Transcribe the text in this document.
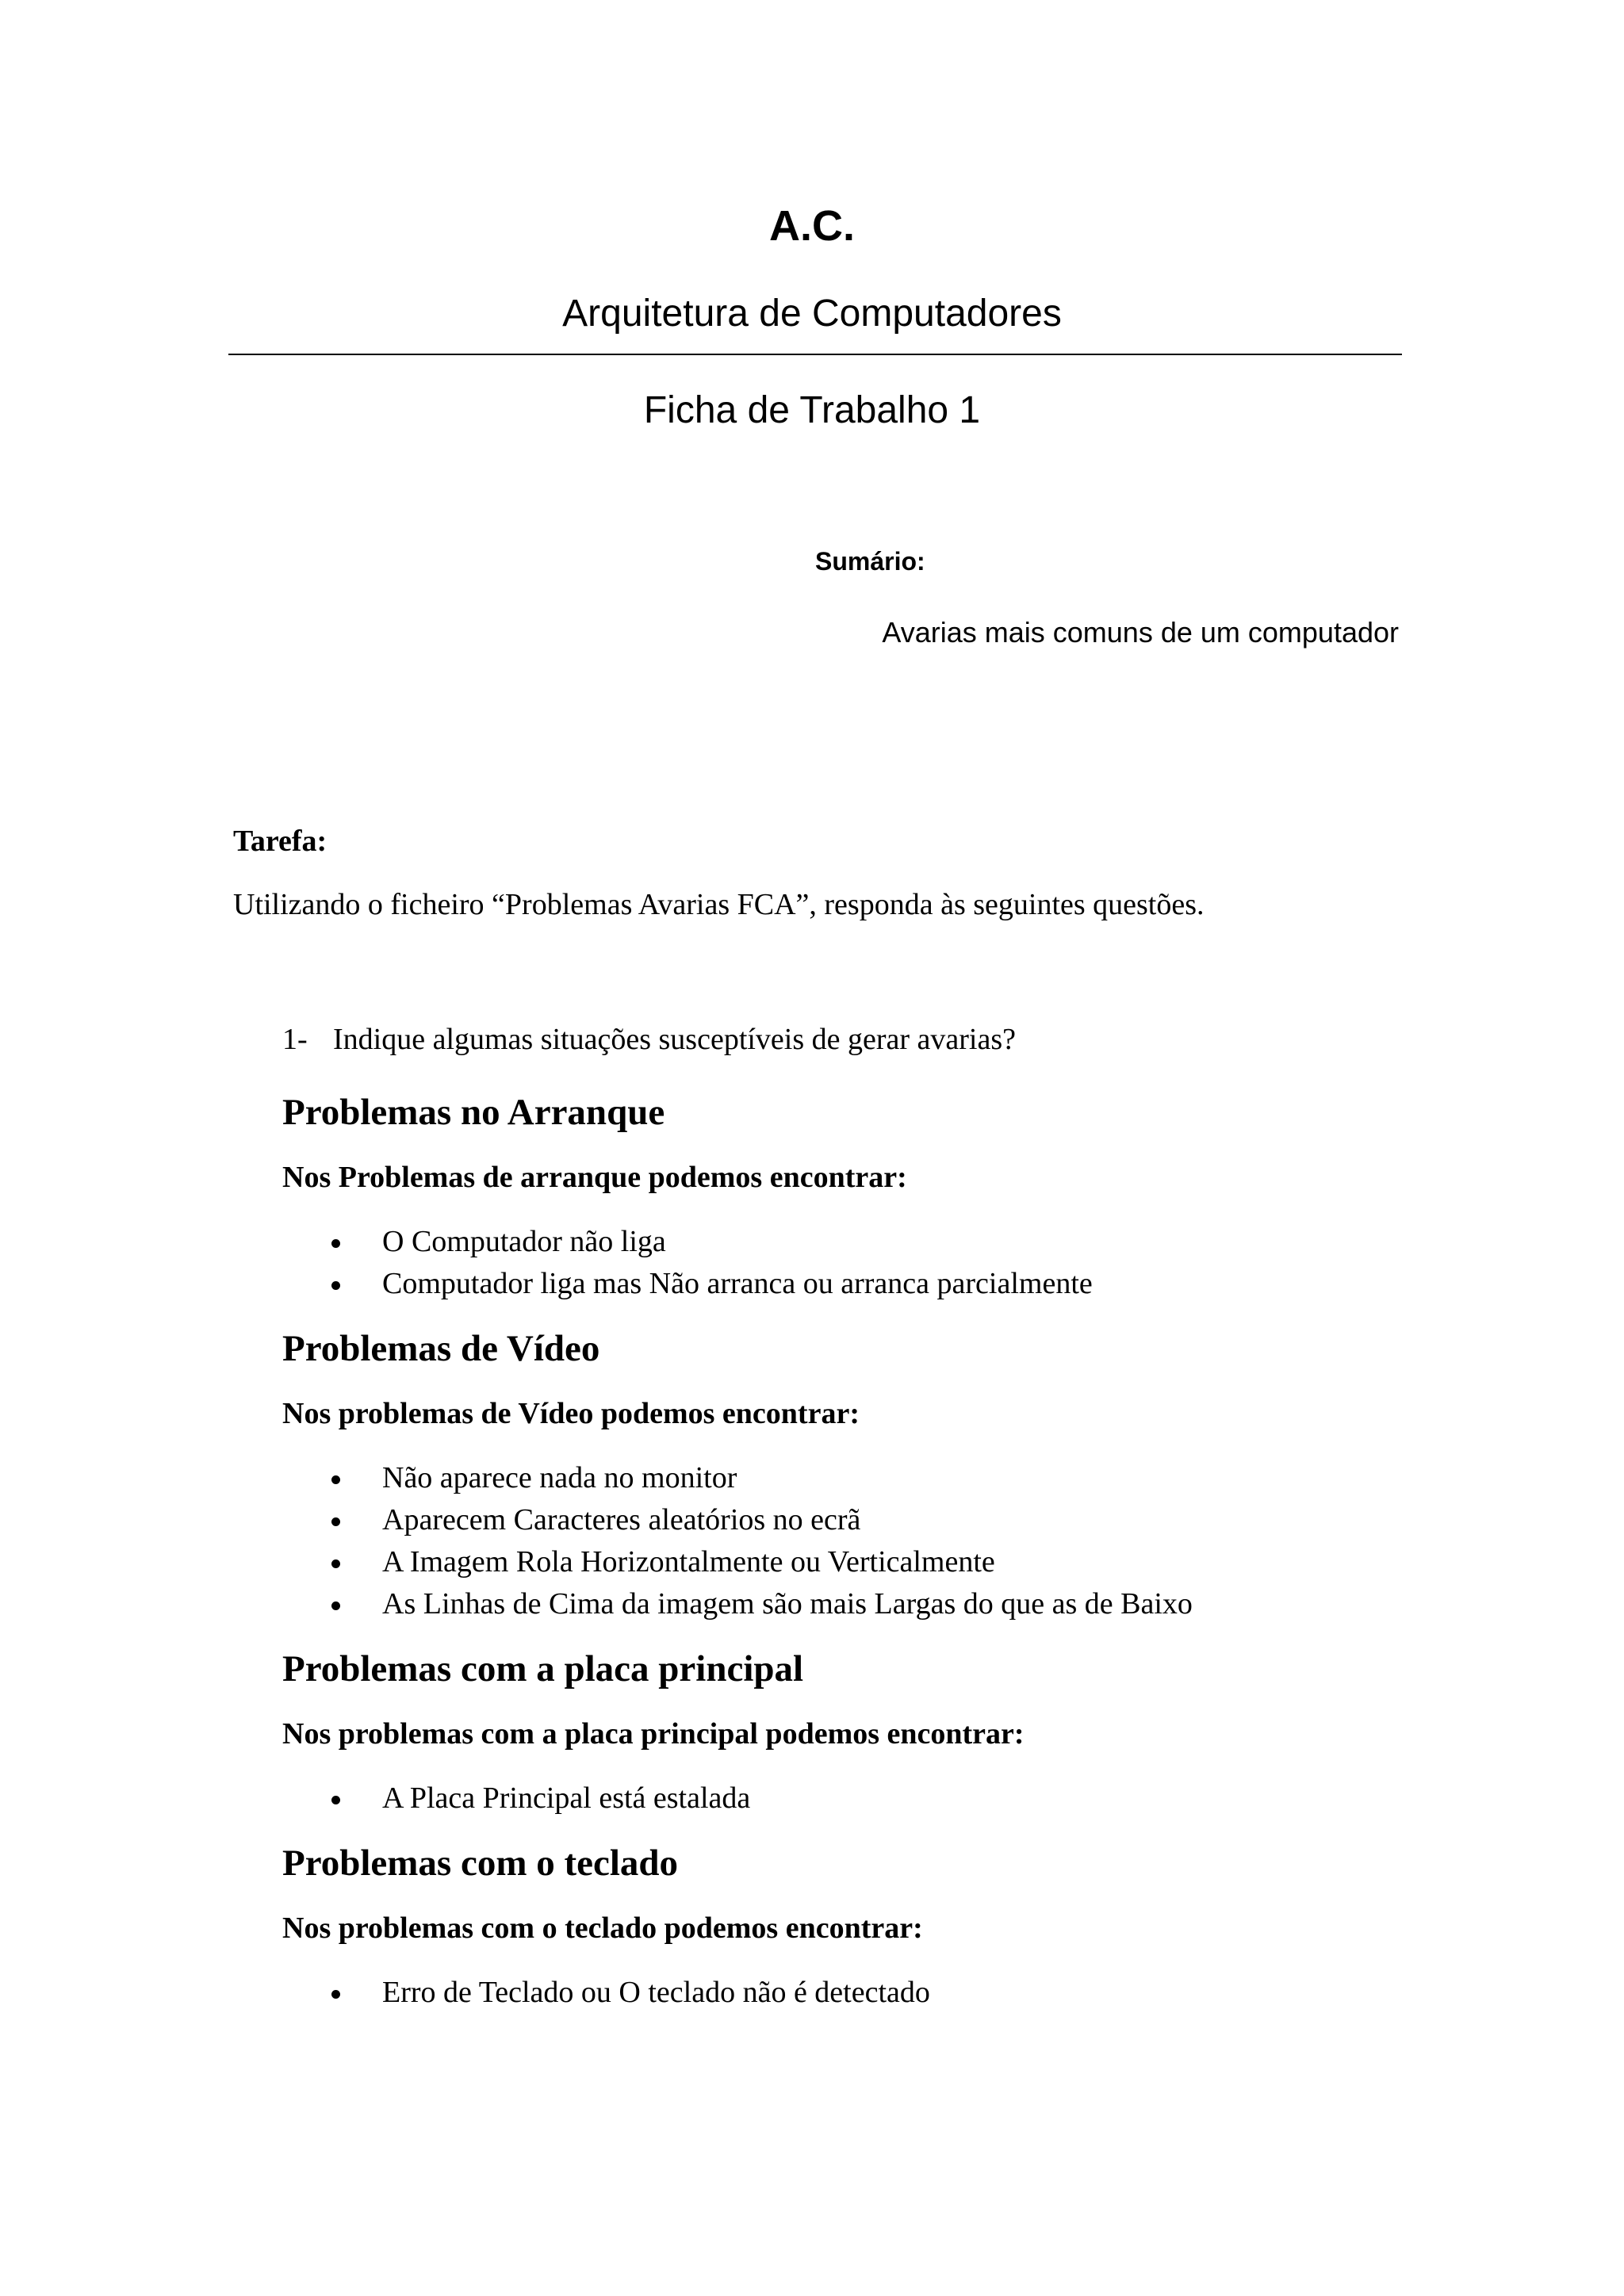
A.C.
Arquitetura de Computadores
Ficha de Trabalho 1
Sumário:
Avarias mais comuns de um computador
Tarefa:
Utilizando o ficheiro “Problemas Avarias FCA”, responda às seguintes questões.
1- Indique algumas situações susceptíveis de gerar avarias?
Problemas no Arranque
Nos Problemas de arranque podemos encontrar:
O Computador não liga
Computador liga mas Não arranca ou arranca parcialmente
Problemas de Vídeo
Nos problemas de Vídeo podemos encontrar:
Não aparece nada no monitor
Aparecem Caracteres aleatórios no ecrã
A Imagem Rola Horizontalmente ou Verticalmente
As Linhas de Cima da imagem são mais Largas do que as de Baixo
Problemas com a placa principal
Nos problemas com a placa principal podemos encontrar:
A Placa Principal está estalada
Problemas com o teclado
Nos problemas com o teclado podemos encontrar:
Erro de Teclado ou O teclado não é detectado
